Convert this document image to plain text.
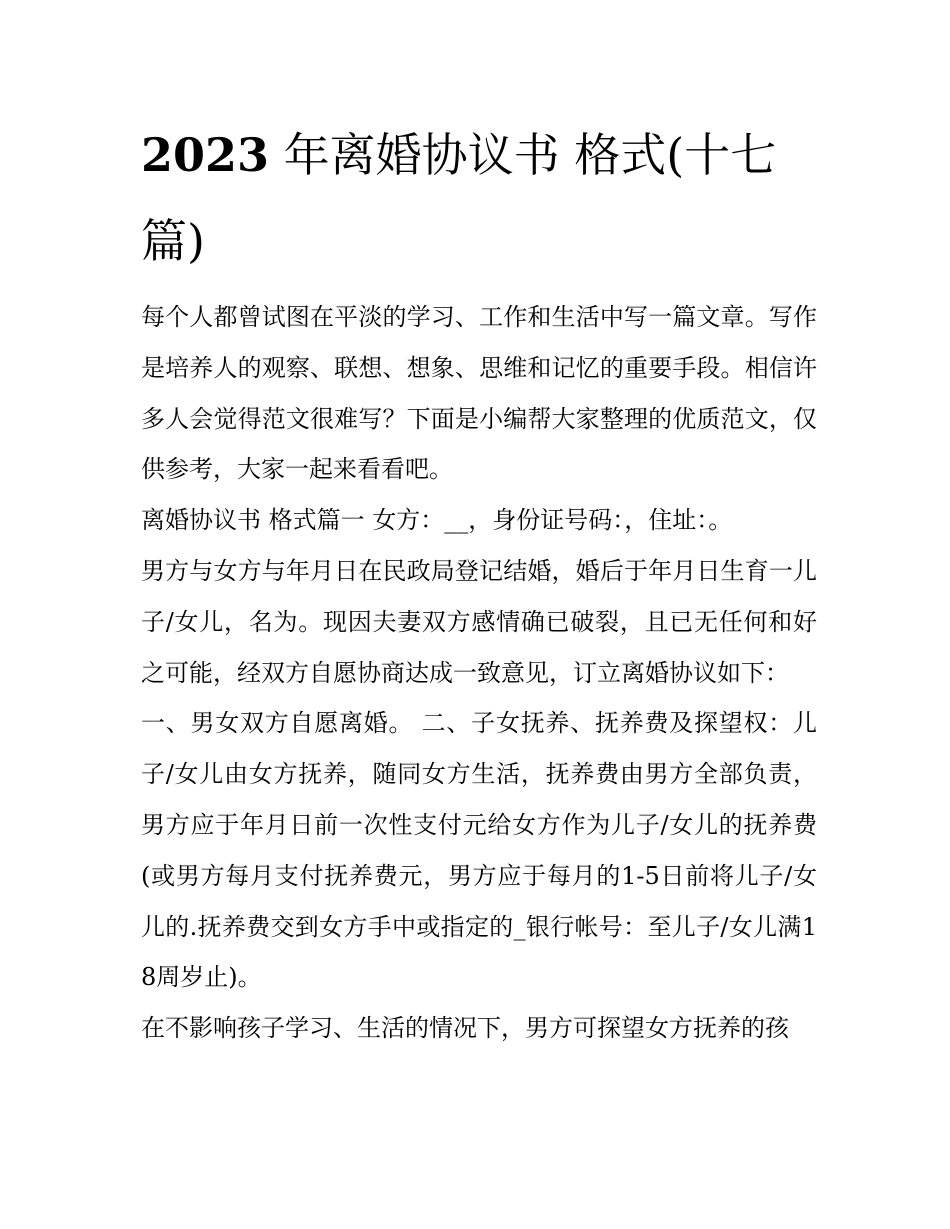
2023 年离婚协议书 格式(十七篇)

每个人都曾试图在平淡的学习、工作和生活中写一篇文章。写作是培养人的观察、联想、想象、思维和记忆的重要手段。相信许多人会觉得范文很难写？下面是小编帮大家整理的优质范文，仅供参考，大家一起来看看吧。

离婚协议书 格式篇一 女方：__，身份证号码：，住址：。

男方与女方与年月日在民政局登记结婚，婚后于年月日生育一儿子/女儿，名为。现因夫妻双方感情确已破裂，且已无任何和好之可能，经双方自愿协商达成一致意见，订立离婚协议如下：

一、男女双方自愿离婚。 二、子女抚养、抚养费及探望权：儿子/女儿由女方抚养，随同女方生活，抚养费由男方全部负责，男方应于年月日前一次性支付元给女方作为儿子/女儿的抚养费(或男方每月支付抚养费元，男方应于每月的1-5日前将儿子/女儿的.抚养费交到女方手中或指定的_银行帐号：至儿子/女儿满18周岁止)。

在不影响孩子学习、生活的情况下，男方可探望女方抚养的孩
